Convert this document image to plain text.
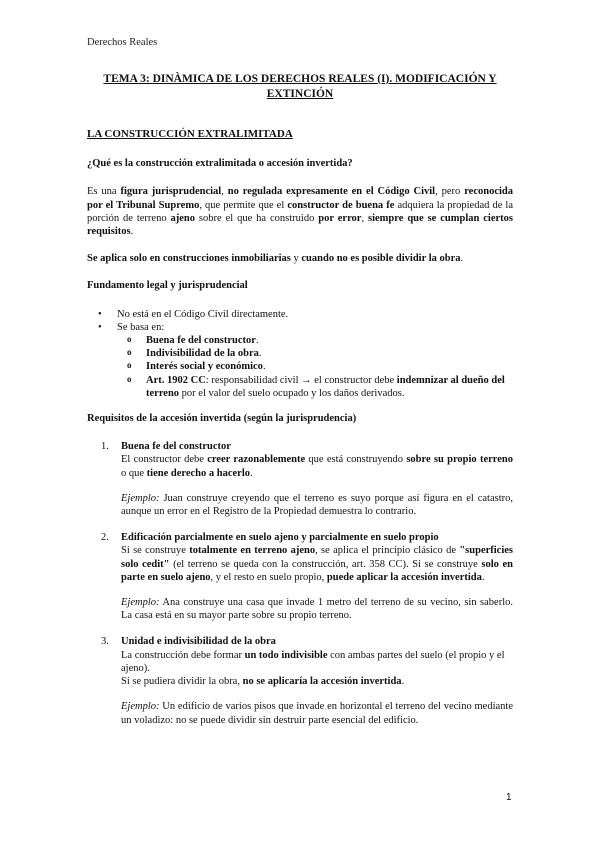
Derechos Reales
TEMA 3: DINÀMICA DE LOS DERECHOS REALES (I). MODIFICACIÓN Y EXTINCIÓN
LA CONSTRUCCIÓN EXTRALIMITADA
¿Qué es la construcción extralimitada o accesión invertida?

Es una figura jurisprudencial, no regulada expresamente en el Código Civil, pero reconocida por el Tribunal Supremo, que permite que el constructor de buena fe adquiera la propiedad de la porción de terreno ajeno sobre el que ha construido por error, siempre que se cumplan ciertos requisitos.

Se aplica solo en construcciones inmobiliarias y cuando no es posible dividir la obra.

Fundamento legal y jurisprudencial
• No está en el Código Civil directamente.
• Se basa en:
o Buena fe del constructor.
o Indivisibilidad de la obra.
o Interés social y económico.
o Art. 1902 CC: responsabilidad civil → el constructor debe indemnizar al dueño del terreno por el valor del suelo ocupado y los daños derivados.
Requisitos de la accesión invertida (según la jurisprudencia)
1. Buena fe del constructor
El constructor debe creer razonablemente que está construyendo sobre su propio terreno o que tiene derecho a hacerlo.
Ejemplo: Juan construye creyendo que el terreno es suyo porque así figura en el catastro, aunque un error en el Registro de la Propiedad demuestra lo contrario.
2. Edificación parcialmente en suelo ajeno y parcialmente en suelo propio
Si se construye totalmente en terreno ajeno, se aplica el principio clásico de "superficies solo cedit" (el terreno se queda con la construcción, art. 358 CC). Si se construye solo en parte en suelo ajeno, y el resto en suelo propio, puede aplicar la accesión invertida.
Ejemplo: Ana construye una casa que invade 1 metro del terreno de su vecino, sin saberlo. La casa está en su mayor parte sobre su propio terreno.
3. Unidad e indivisibilidad de la obra
La construcción debe formar un todo indivisible con ambas partes del suelo (el propio y el ajeno).
Si se pudiera dividir la obra, no se aplicaría la accesión invertida.
Ejemplo: Un edificio de varios pisos que invade en horizontal el terreno del vecino mediante un voladizo: no se puede dividir sin destruir parte esencial del edificio.
1
